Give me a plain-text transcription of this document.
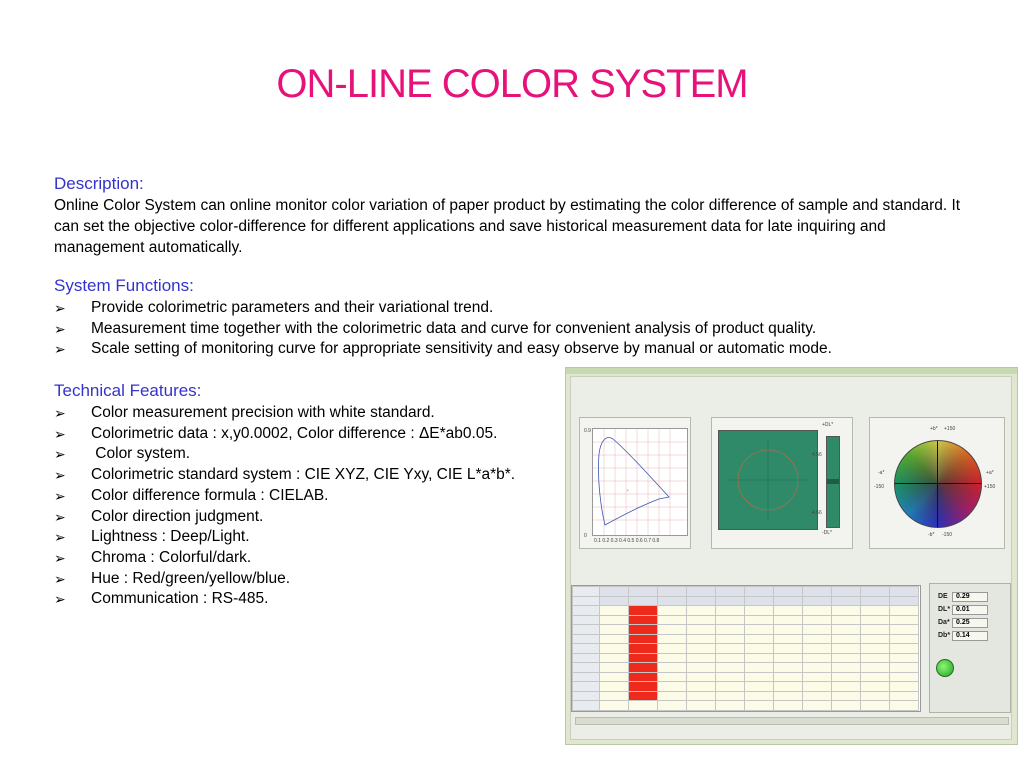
ON-LINE COLOR SYSTEM
Description:

Online Color System can online monitor color variation of paper product by estimating the color difference of sample and standard. It can set the objective color-difference for different applications and save historical measurement data for late inquiring and management automatically.

System Functions:
➢ Provide colorimetric parameters and their variational trend.
➢ Measurement time together with the colorimetric data and curve for convenient analysis of product quality.
➢ Scale setting of monitoring curve for appropriate sensitivity and easy observe by manual or automatic mode.
Technical Features:
➢ Color measurement precision with white standard.
➢ Colorimetric data : x,y0.0002, Color difference : ΔE*ab0.05.
➢ Color system.
➢ Colorimetric standard system : CIE XYZ, CIE Yxy, CIE L*a*b*.
➢ Color difference formula : CIELAB.
➢ Color direction judgment.
➢ Lightness : Deep/Light.
➢ Chroma : Colorful/dark.
➢ Hue : Red/green/yellow/blue.
➢ Communication : RS-485.
*
0.9
0
0.1 0.2 0.3 0.4 0.5 0.6 0.7 0.8
+DL*
-DL*
4.56
4.56
+b* +150
-b* -150
-a*
-150
+a*
+150

DE	0.29
DL* 0.01
Da* 0.25
Db* 0.14
